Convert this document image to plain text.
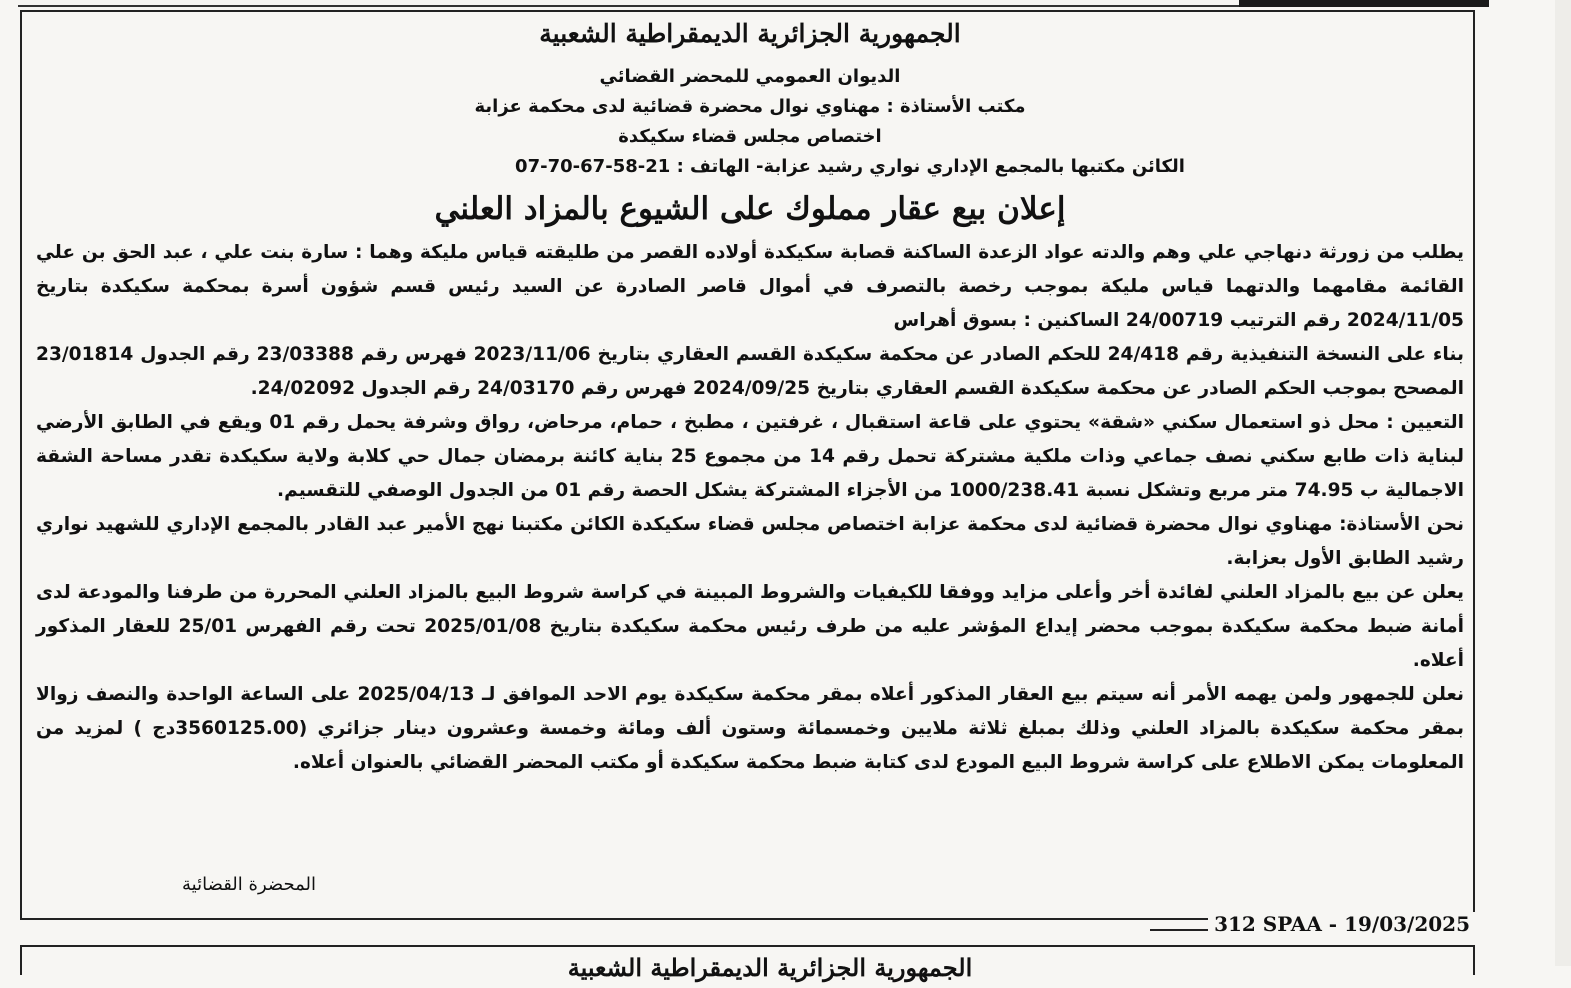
الجمهورية الجزائرية الديمقراطية الشعبية

الديوان العمومي للمحضر القضائي

مكتب الأستاذة : مهناوي نوال محضرة قضائية لدى محكمة عزابة

اختصاص مجلس قضاء سكيكدة

الكائن مكتبها بالمجمع الإداري نواري رشيد عزابة- الهاتف : 21-58-67-70-07

إعلان بيع عقار مملوك على الشيوع بالمزاد العلني

يطلب من زورثة دنهاجي علي وهم والدته عواد الزعدة الساكنة قصابة سكيكدة أولاده القصر من طليقته قياس مليكة وهما : سارة بنت علي ، عبد الحق بن علي القائمة مقامهما والدتهما قياس مليكة بموجب رخصة بالتصرف في أموال قاصر الصادرة عن السيد رئيس قسم شؤون أسرة بمحكمة سكيكدة بتاريخ 2024/11/05 رقم الترتيب 24/00719 الساكنين : بسوق أهراس

بناء على النسخة التنفيذية رقم 24/418 للحكم الصادر عن محكمة سكيكدة القسم العقاري بتاريخ 2023/11/06 فهرس رقم 23/03388 رقم الجدول 23/01814 المصحح بموجب الحكم الصادر عن محكمة سكيكدة القسم العقاري بتاريخ 2024/09/25 فهرس رقم 24/03170 رقم الجدول 24/02092.

التعيين : محل ذو استعمال سكني «شقة» يحتوي على قاعة استقبال ، غرفتين ، مطبخ ، حمام، مرحاض، رواق وشرفة يحمل رقم 01 ويقع في الطابق الأرضي لبناية ذات طابع سكني نصف جماعي وذات ملكية مشتركة تحمل رقم 14 من مجموع 25 بناية كائنة برمضان جمال حي كلابة ولاية سكيكدة تقدر مساحة الشقة الاجمالية ب 74.95 متر مربع وتشكل نسبة 1000/238.41 من الأجزاء المشتركة يشكل الحصة رقم 01 من الجدول الوصفي للتقسيم.

نحن الأستاذة: مهناوي نوال محضرة قضائية لدى محكمة عزابة اختصاص مجلس قضاء سكيكدة الكائن مكتبنا نهج الأمير عبد القادر بالمجمع الإداري للشهيد نواري رشيد الطابق الأول بعزابة.

يعلن عن بيع بالمزاد العلني لفائدة أخر وأعلى مزايد ووفقا للكيفيات والشروط المبينة في كراسة شروط البيع بالمزاد العلني المحررة من طرفنا والمودعة لدى أمانة ضبط محكمة سكيكدة بموجب محضر إيداع المؤشر عليه من طرف رئيس محكمة سكيكدة بتاريخ 2025/01/08 تحت رقم الفهرس 25/01 للعقار المذكور أعلاه.

نعلن للجمهور ولمن يهمه الأمر أنه سيتم بيع العقار المذكور أعلاه بمقر محكمة سكيكدة يوم الاحد الموافق لـ 2025/04/13 على الساعة الواحدة والنصف زوالا بمقر محكمة سكيكدة بالمزاد العلني وذلك بمبلغ ثلاثة ملايين وخمسمائة وستون ألف ومائة وخمسة وعشرون دينار جزائري (3560125.00دج ) لمزيد من المعلومات يمكن الاطلاع على كراسة شروط البيع المودع لدى كتابة ضبط محكمة سكيكدة أو مكتب المحضر القضائي بالعنوان أعلاه.

المحضرة القضائية
312 SPAA - 19/03/2025
الجمهورية الجزائرية الديمقراطية الشعبية
